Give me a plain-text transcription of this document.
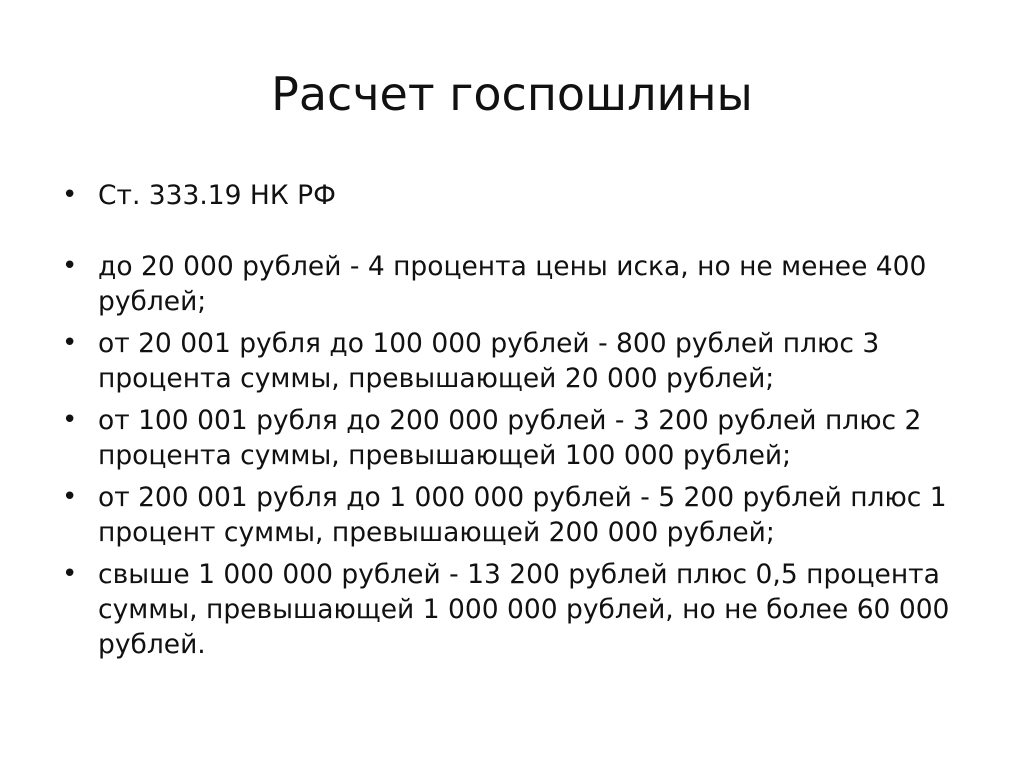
Расчет госпошлины
• Ст. 333.19 НК РФ
• до 20 000 рублей - 4 процента цены иска, но не менее 400 рублей;
• от 20 001 рубля до 100 000 рублей - 800 рублей плюс 3 процента суммы, превышающей 20 000 рублей;
• от 100 001 рубля до 200 000 рублей - 3 200 рублей плюс 2 процента суммы, превышающей 100 000 рублей;
• от 200 001 рубля до 1 000 000 рублей - 5 200 рублей плюс 1 процент суммы, превышающей 200 000 рублей;
• свыше 1 000 000 рублей - 13 200 рублей плюс 0,5 процента суммы, превышающей 1 000 000 рублей, но не более 60 000 рублей.
